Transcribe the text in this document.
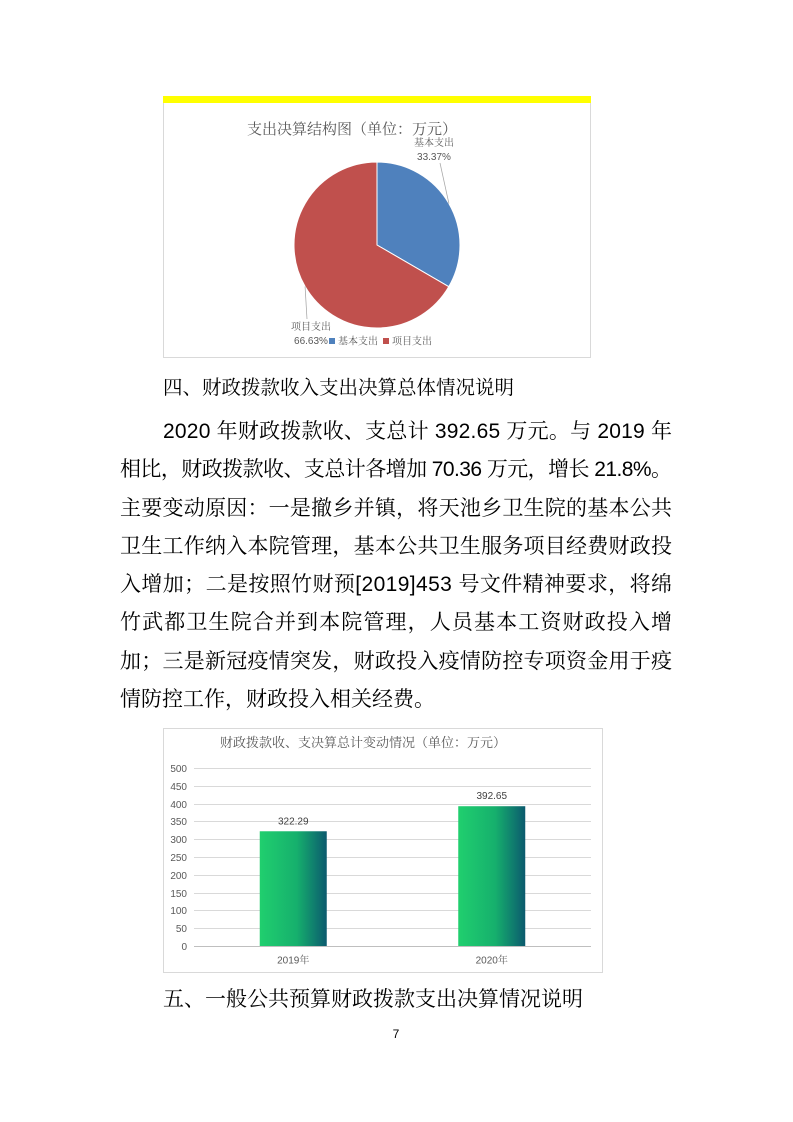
支出决算结构图（单位：万元）
基本支出
33.37%
项目支出
66.63% 基本支出 项目支出
四、财政拨款收入支出决算总体情况说明
2020 年财政拨款收、支总计 392.65 万元。与 2019 年
相比，财政拨款收、支总计各增加 70.36 万元，增长 21.8%。
主要变动原因：一是撤乡并镇，将天池乡卫生院的基本公共
卫生工作纳入本院管理，基本公共卫生服务项目经费财政投
入增加；二是按照竹财预[2019]453 号文件精神要求，将绵
竹武都卫生院合并到本院管理，人员基本工资财政投入增
加；三是新冠疫情突发，财政投入疫情防控专项资金用于疫
情防控工作，财政投入相关经费。
财政拨款收、支决算总计变动情况（单位：万元）
0
50
100
150
200
250
300
350
400
450
500
322.29
2019年
392.65
2020年
五、一般公共预算财政拨款支出决算情况说明
7
